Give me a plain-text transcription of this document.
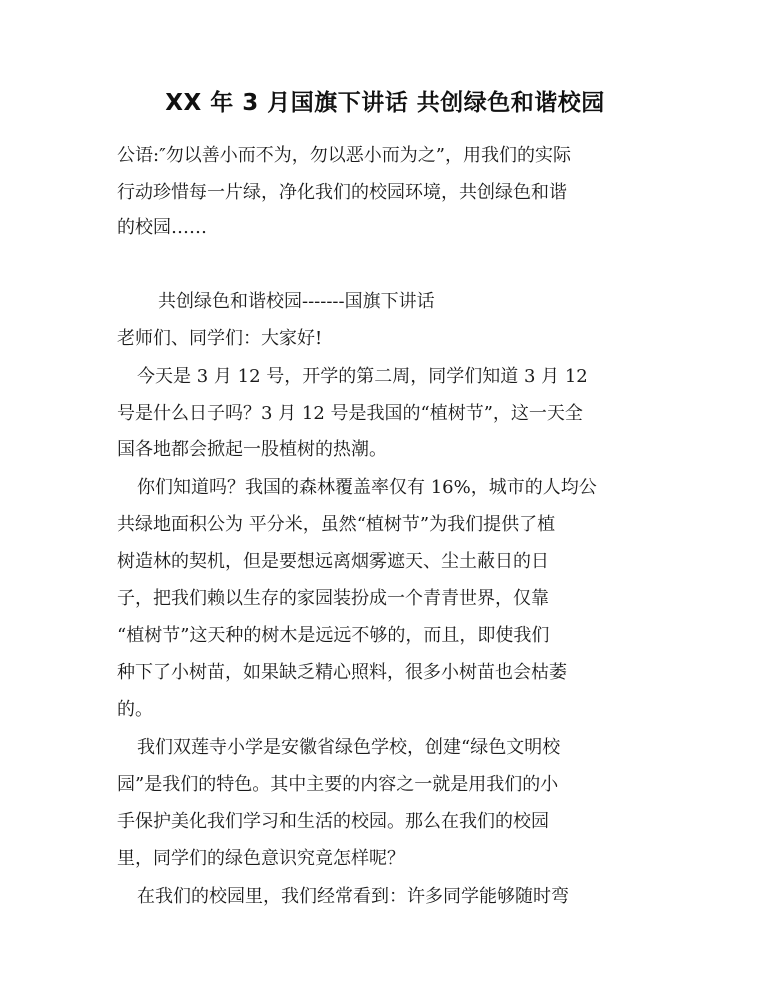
XX 年 3 月国旗下讲话 共创绿色和谐校园
公语:″勿以善小而不为，勿以恶小而为之”，用我们的实际
行动珍惜每一片绿，净化我们的校园环境，共创绿色和谐
的校园……
共创绿色和谐校园-------国旗下讲话
老师们、同学们：大家好!
今天是 3 月 12 号，开学的第二周，同学们知道 3 月 12
号是什么日子吗？3 月 12 号是我国的“植树节”，这一天全
国各地都会掀起一股植树的热潮。
你们知道吗？我国的森林覆盖率仅有 16%，城市的人均公
共绿地面积公为 平分米，虽然“植树节”为我们提供了植
树造林的契机，但是要想远离烟雾遮天、尘土蔽日的日
子，把我们赖以生存的家园装扮成一个青青世界，仅靠
“植树节”这天种的树木是远远不够的，而且，即使我们
种下了小树苗，如果缺乏精心照料，很多小树苗也会枯萎
的。
我们双莲寺小学是安徽省绿色学校，创建“绿色文明校
园”是我们的特色。其中主要的内容之一就是用我们的小
手保护美化我们学习和生活的校园。那么在我们的校园
里，同学们的绿色意识究竟怎样呢？
在我们的校园里，我们经常看到：许多同学能够随时弯
